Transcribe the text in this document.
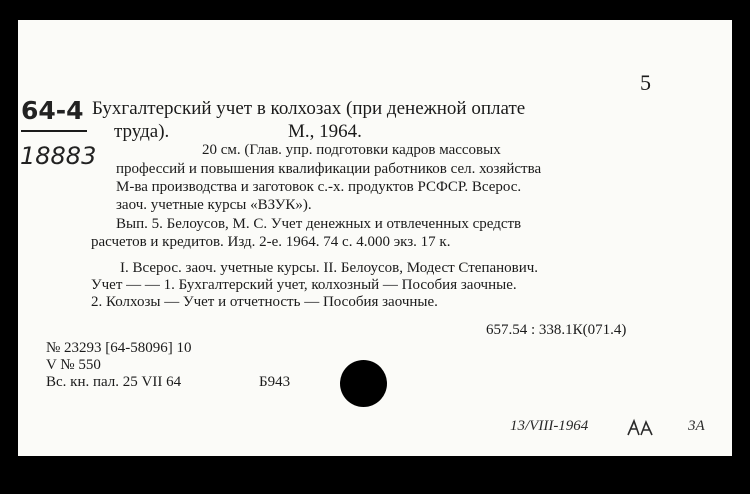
5
64-4 Бухгалтерский учет в колхозах (при денежной оплате
труда).	М., 1964.
18883	20 см. (Глав. упр. подготовки кадров массовых
профессий и повышения квалификации работников сел. хозяйства
М-ва производства и заготовок с.-х. продуктов РСФСР. Всерос.
заоч. учетные курсы «ВЗУК»).
Вып. 5. Белоусов, М. С. Учет денежных и отвлеченных средств
расчетов и кредитов. Изд. 2-е. 1964. 74 с. 4.000 экз. 17 к.
I. Всерос. заоч. учетные курсы. II. Белоусов, Модест Степанович.
Учет — — 1. Бухгалтерский учет, колхозный — Пособия заочные.
2. Колхозы — Учет и отчетность — Пособия заочные.
657.54 : 338.1К(071.4)
№ 23293 [64-58096] 10
V № 550
Вс. кн. пал. 25 VII 64	Б943
13/VIII-1964	3А
